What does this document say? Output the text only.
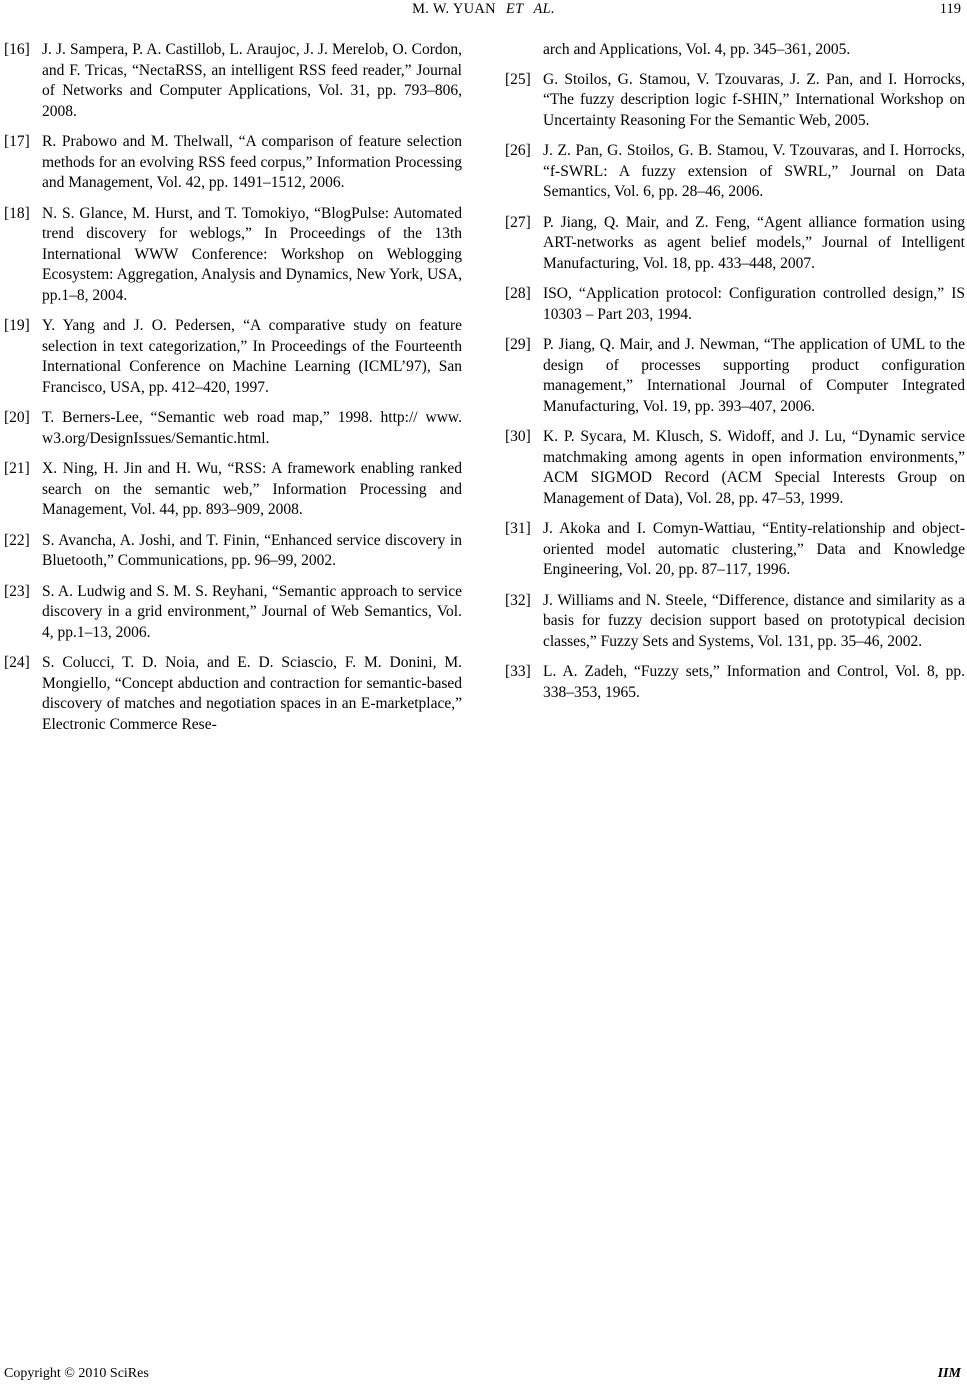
M. W. YUAN ET AL.	119
[16] J. J. Sampera, P. A. Castillob, L. Araujoc, J. J. Merelob, O. Cordon, and F. Tricas, “NectaRSS, an intelligent RSS feed reader,” Journal of Networks and Computer Applications, Vol. 31, pp. 793–806, 2008.
[17] R. Prabowo and M. Thelwall, “A comparison of feature selection methods for an evolving RSS feed corpus,” Information Processing and Management, Vol. 42, pp. 1491–1512, 2006.
[18] N. S. Glance, M. Hurst, and T. Tomokiyo, “BlogPulse: Automated trend discovery for weblogs,” In Proceedings of the 13th International WWW Conference: Workshop on Weblogging Ecosystem: Aggregation, Analysis and Dynamics, New York, USA, pp.1–8, 2004.
[19] Y. Yang and J. O. Pedersen, “A comparative study on feature selection in text categorization,” In Proceedings of the Fourteenth International Conference on Machine Learning (ICML’97), San Francisco, USA, pp. 412–420, 1997.
[20] T. Berners-Lee, “Semantic web road map,” 1998. http:// www. w3.org/DesignIssues/Semantic.html.
[21] X. Ning, H. Jin and H. Wu, “RSS: A framework enabling ranked search on the semantic web,” Information Processing and Management, Vol. 44, pp. 893–909, 2008.
[22] S. Avancha, A. Joshi, and T. Finin, “Enhanced service discovery in Bluetooth,” Communications, pp. 96–99, 2002.
[23] S. A. Ludwig and S. M. S. Reyhani, “Semantic approach to service discovery in a grid environment,” Journal of Web Semantics, Vol. 4, pp.1–13, 2006.
[24] S. Colucci, T. D. Noia, and E. D. Sciascio, F. M. Donini, M. Mongiello, “Concept abduction and contraction for semantic-based discovery of matches and negotiation spaces in an E-marketplace,” Electronic Commerce Rese-
arch and Applications, Vol. 4, pp. 345–361, 2005.
[25] G. Stoilos, G. Stamou, V. Tzouvaras, J. Z. Pan, and I. Horrocks, “The fuzzy description logic f-SHIN,” International Workshop on Uncertainty Reasoning For the Semantic Web, 2005.
[26] J. Z. Pan, G. Stoilos, G. B. Stamou, V. Tzouvaras, and I. Horrocks, “f-SWRL: A fuzzy extension of SWRL,” Journal on Data Semantics, Vol. 6, pp. 28–46, 2006.
[27] P. Jiang, Q. Mair, and Z. Feng, “Agent alliance formation using ART-networks as agent belief models,” Journal of Intelligent Manufacturing, Vol. 18, pp. 433–448, 2007.
[28] ISO, “Application protocol: Configuration controlled design,” IS 10303 – Part 203, 1994.
[29] P. Jiang, Q. Mair, and J. Newman, “The application of UML to the design of processes supporting product configuration management,” International Journal of Computer Integrated Manufacturing, Vol. 19, pp. 393–407, 2006.
[30] K. P. Sycara, M. Klusch, S. Widoff, and J. Lu, “Dynamic service matchmaking among agents in open information environments,” ACM SIGMOD Record (ACM Special Interests Group on Management of Data), Vol. 28, pp. 47–53, 1999.
[31] J. Akoka and I. Comyn-Wattiau, “Entity-relationship and object-oriented model automatic clustering,” Data and Knowledge Engineering, Vol. 20, pp. 87–117, 1996.
[32] J. Williams and N. Steele, “Difference, distance and similarity as a basis for fuzzy decision support based on prototypical decision classes,” Fuzzy Sets and Systems, Vol. 131, pp. 35–46, 2002.
[33] L. A. Zadeh, “Fuzzy sets,” Information and Control, Vol. 8, pp. 338–353, 1965.
Copyright © 2010 SciRes	IIM
